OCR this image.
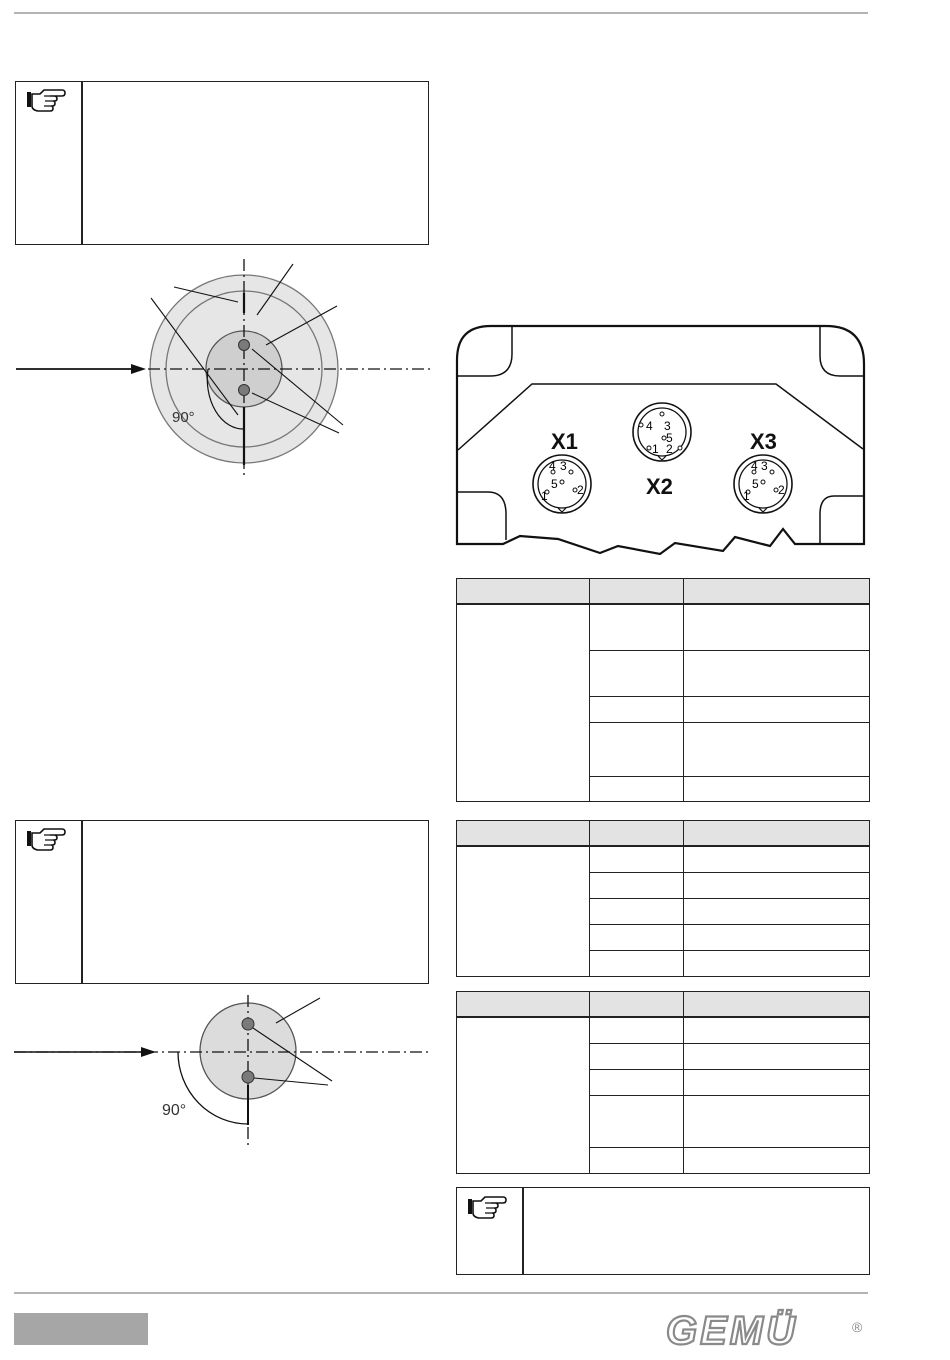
90°
X1
4 3
5
1 2	X2
4 3
5
1 2	X3
4 3
5
1 2

90°
GEMÜ	®
